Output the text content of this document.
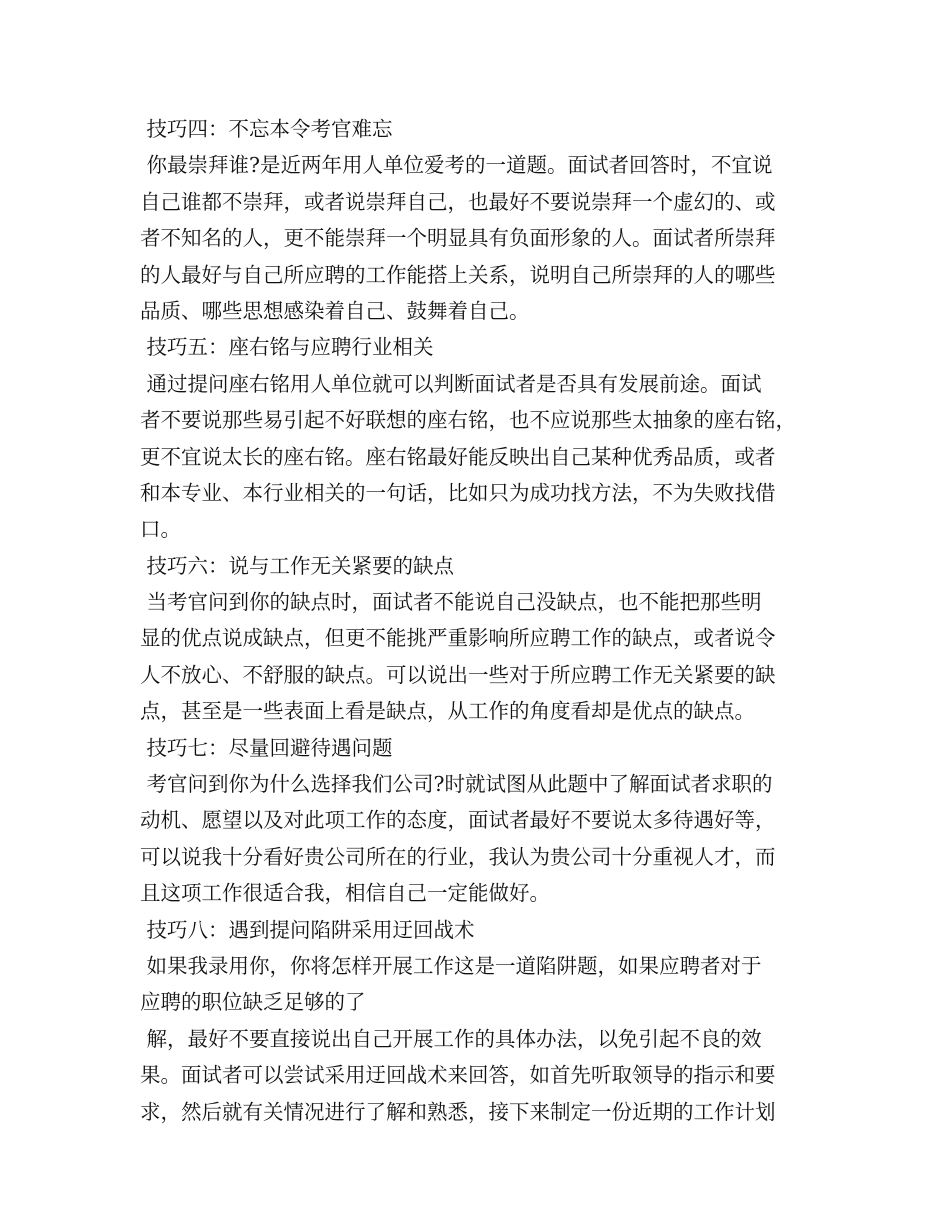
技巧四：不忘本令考官难忘
你最崇拜谁?是近两年用人单位爱考的一道题。面试者回答时，不宜说
自己谁都不崇拜，或者说崇拜自己，也最好不要说崇拜一个虚幻的、或
者不知名的人，更不能崇拜一个明显具有负面形象的人。面试者所崇拜
的人最好与自己所应聘的工作能搭上关系，说明自己所崇拜的人的哪些
品质、哪些思想感染着自己、鼓舞着自己。
技巧五：座右铭与应聘行业相关
通过提问座右铭用人单位就可以判断面试者是否具有发展前途。面试
者不要说那些易引起不好联想的座右铭，也不应说那些太抽象的座右铭，
更不宜说太长的座右铭。座右铭最好能反映出自己某种优秀品质，或者
和本专业、本行业相关的一句话，比如只为成功找方法，不为失败找借
口。
技巧六：说与工作无关紧要的缺点
当考官问到你的缺点时，面试者不能说自己没缺点，也不能把那些明
显的优点说成缺点，但更不能挑严重影响所应聘工作的缺点，或者说令
人不放心、不舒服的缺点。可以说出一些对于所应聘工作无关紧要的缺
点，甚至是一些表面上看是缺点，从工作的角度看却是优点的缺点。
技巧七：尽量回避待遇问题
考官问到你为什么选择我们公司?时就试图从此题中了解面试者求职的
动机、愿望以及对此项工作的态度，面试者最好不要说太多待遇好等，
可以说我十分看好贵公司所在的行业，我认为贵公司十分重视人才，而
且这项工作很适合我，相信自己一定能做好。
技巧八：遇到提问陷阱采用迂回战术
如果我录用你，你将怎样开展工作这是一道陷阱题，如果应聘者对于
应聘的职位缺乏足够的了
解，最好不要直接说出自己开展工作的具体办法，以免引起不良的效
果。面试者可以尝试采用迂回战术来回答，如首先听取领导的指示和要
求，然后就有关情况进行了解和熟悉，接下来制定一份近期的工作计划
